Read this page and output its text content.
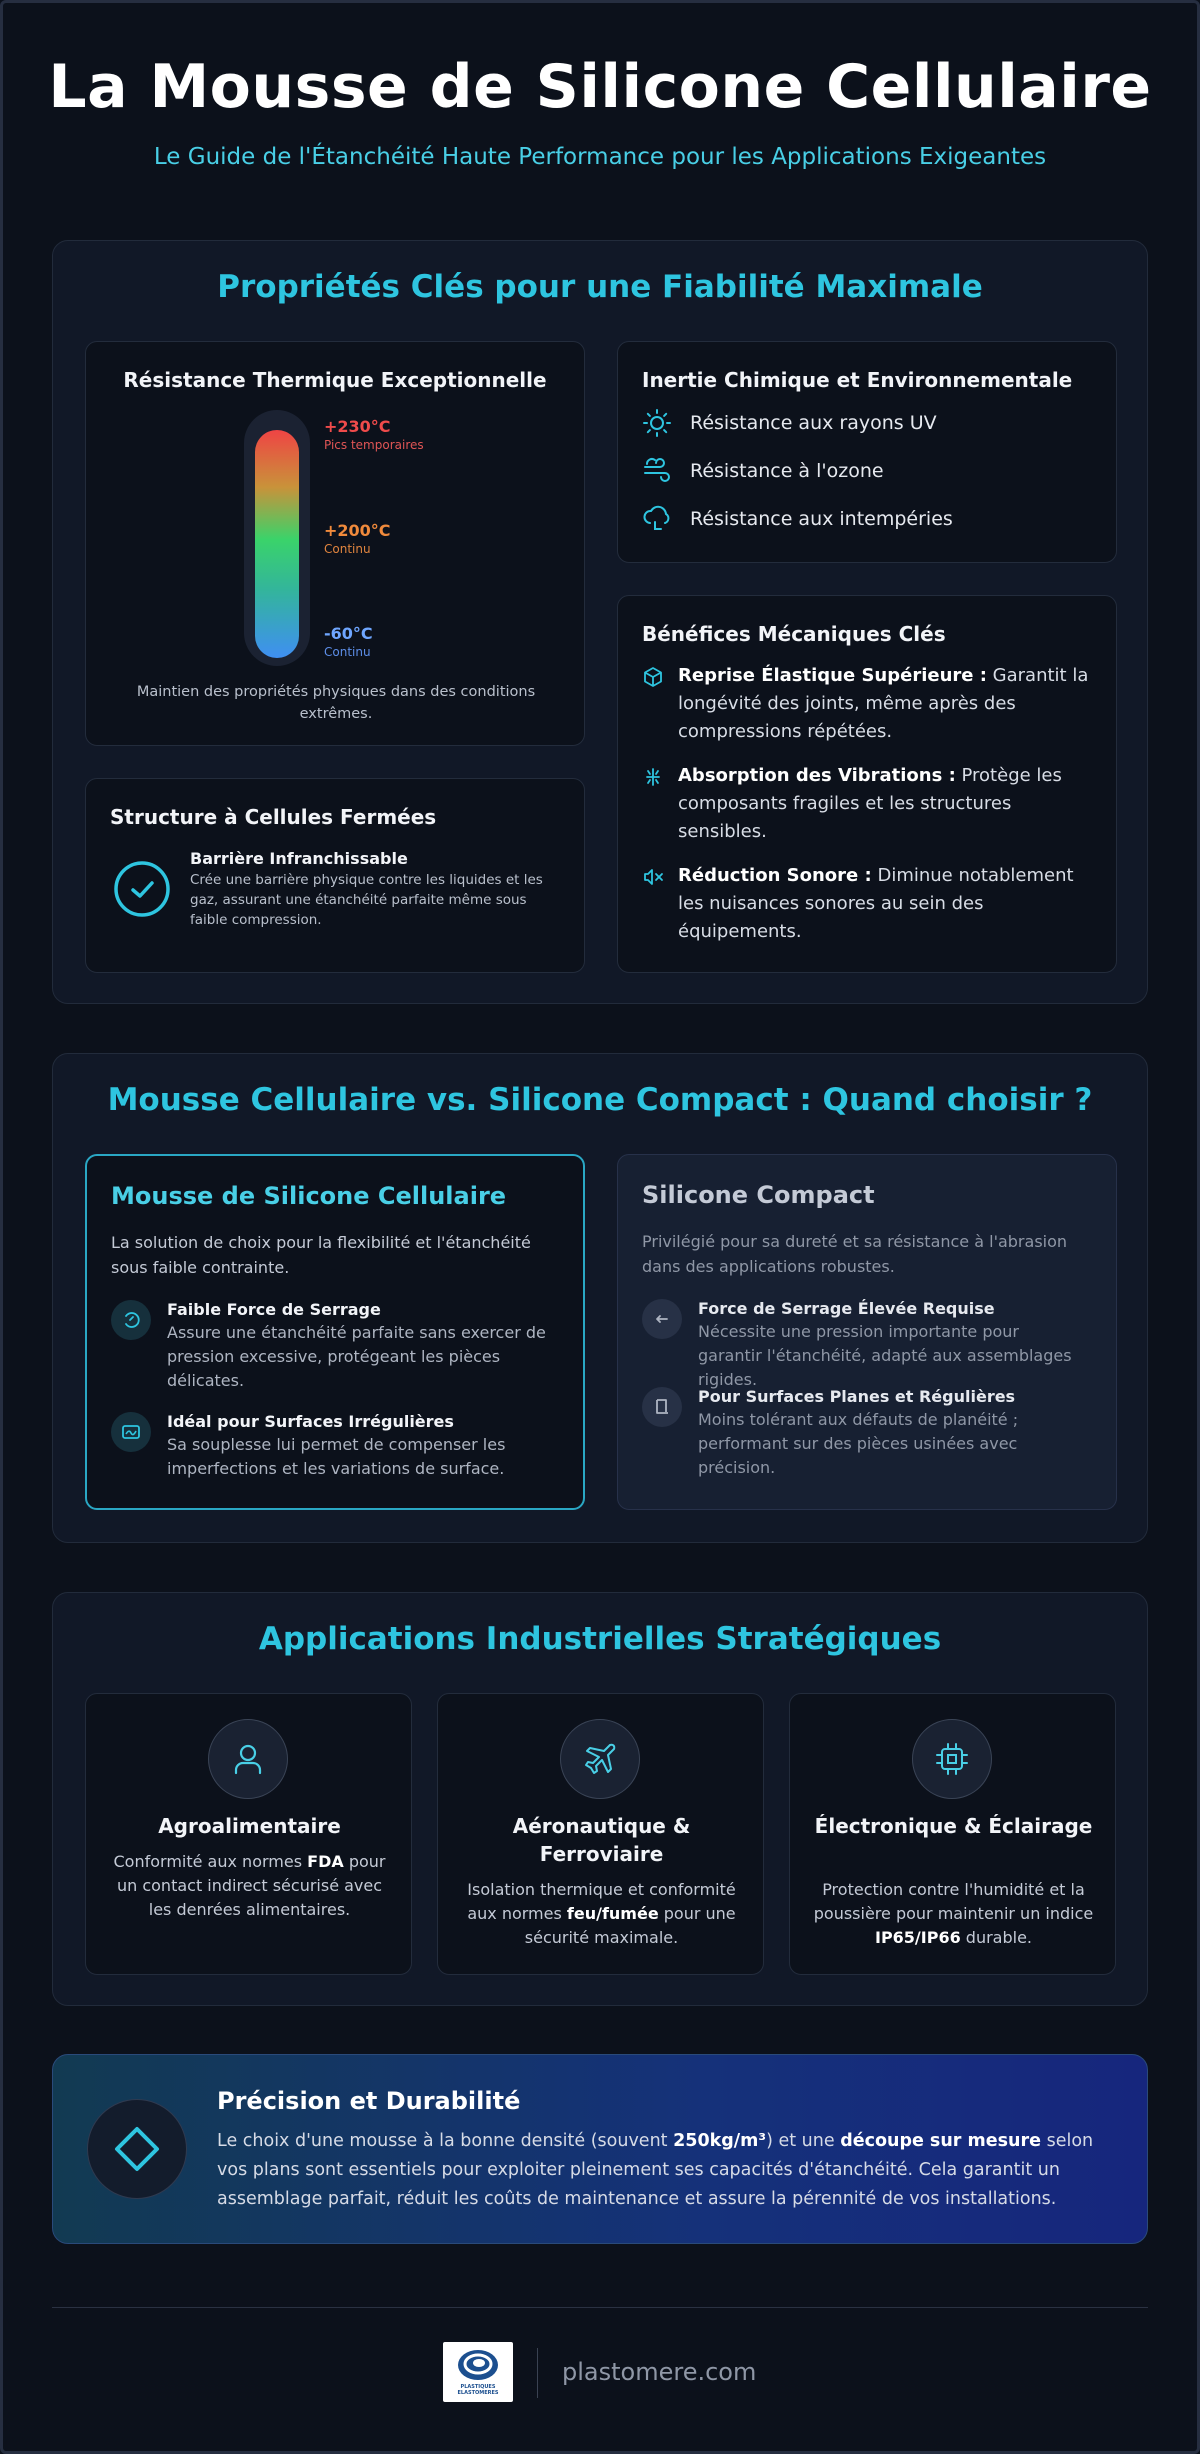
La Mousse de Silicone Cellulaire

Le Guide de l'Étanchéité Haute Performance pour les Applications Exigeantes

Propriétés Clés pour une Fiabilité Maximale
Résistance Thermique Exceptionnelle
+230°C
Pics temporaires
+200°C
Continu
-60°C
Continu
Maintien des propriétés physiques dans des conditions extrêmes.
Structure à Cellules Fermées
Barrière Infranchissable
Crée une barrière physique contre les liquides et les gaz, assurant une étanchéité parfaite même sous faible compression.
Inertie Chimique et Environnementale
Résistance aux rayons UV
Résistance à l'ozone
Résistance aux intempéries
Bénéfices Mécaniques Clés

Reprise Élastique Supérieure : Garantit la longévité des joints, même après des compressions répétées.

Absorption des Vibrations : Protège les composants fragiles et les structures sensibles.

Réduction Sonore : Diminue notablement les nuisances sonores au sein des équipements.

Mousse Cellulaire vs. Silicone Compact : Quand choisir ?
Mousse de Silicone Cellulaire
La solution de choix pour la flexibilité et l'étanchéité sous faible contrainte.
Faible Force de Serrage
Assure une étanchéité parfaite sans exercer de pression excessive, protégeant les pièces délicates.
Idéal pour Surfaces Irrégulières
Sa souplesse lui permet de compenser les imperfections et les variations de surface.
Silicone Compact
Privilégié pour sa dureté et sa résistance à l'abrasion dans des applications robustes.
Force de Serrage Élevée Requise
Nécessite une pression importante pour garantir l'étanchéité, adapté aux assemblages rigides.
Pour Surfaces Planes et Régulières
Moins tolérant aux défauts de planéité ; performant sur des pièces usinées avec précision.
Applications Industrielles Stratégiques
Agroalimentaire
Conformité aux normes FDA pour un contact indirect sécurisé avec les denrées alimentaires.
Aéronautique & Ferroviaire
Isolation thermique et conformité aux normes feu/fumée pour une sécurité maximale.
Électronique & Éclairage
Protection contre l'humidité et la poussière pour maintenir un indice IP65/IP66 durable.
Précision et Durabilité
Le choix d'une mousse à la bonne densité (souvent 250kg/m³) et une découpe sur mesure selon vos plans sont essentiels pour exploiter pleinement ses capacités d'étanchéité. Cela garantit un assemblage parfait, réduit les coûts de maintenance et assure la pérennité de vos installations.
PLASTIQUES
ELASTOMERES
plastomere.com
